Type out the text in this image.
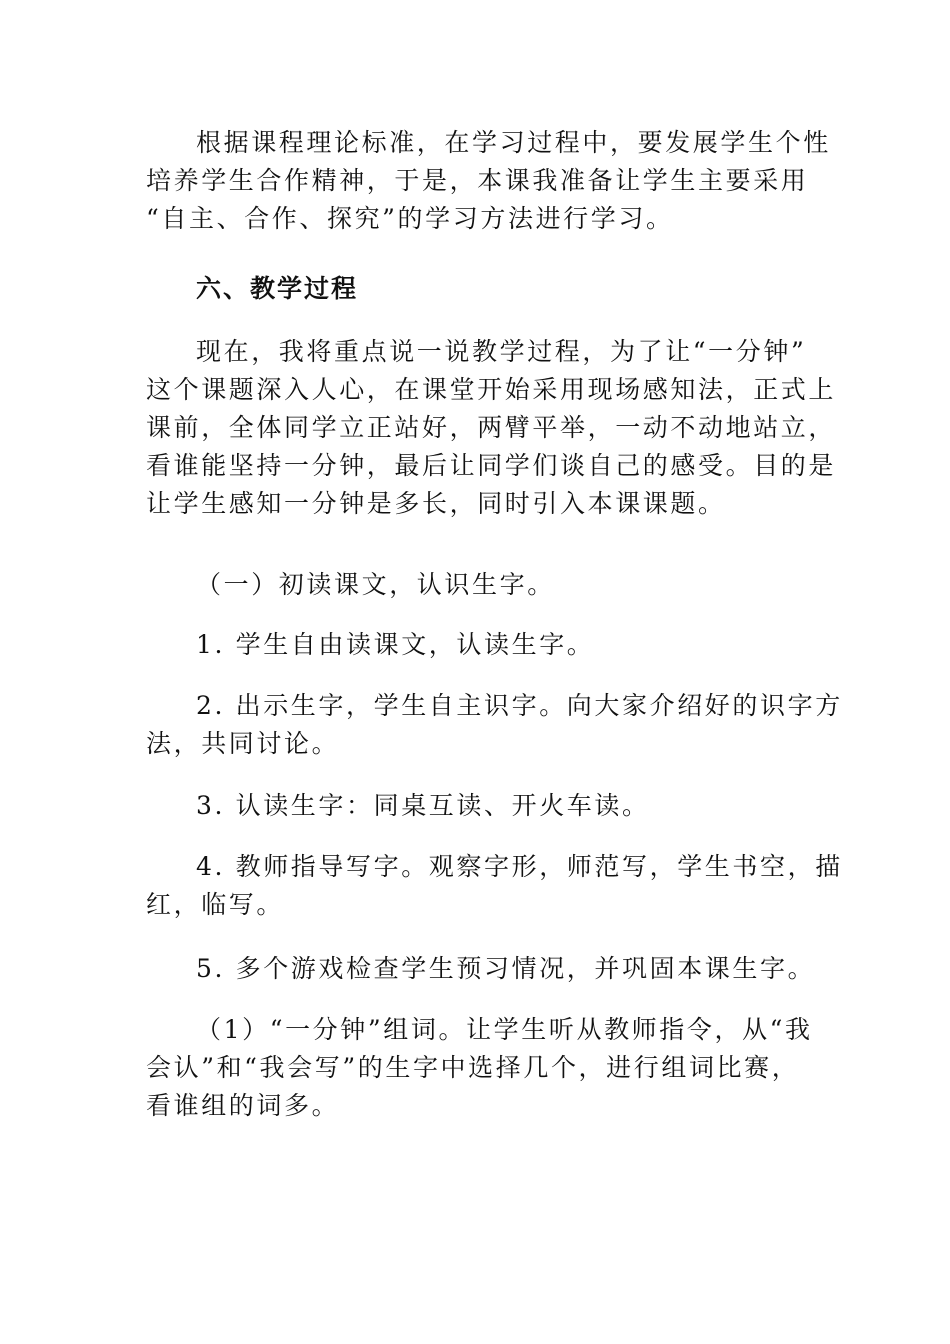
根据课程理论标准，在学习过程中，要发展学生个性
培养学生合作精神，于是，本课我准备让学生主要采用
“自主、合作、探究”的学习方法进行学习。
六、教学过程
现在，我将重点说一说教学过程，为了让“一分钟”
这个课题深入人心，在课堂开始采用现场感知法，正式上
课前，全体同学立正站好，两臂平举，一动不动地站立，
看谁能坚持一分钟，最后让同学们谈自己的感受。目的是
让学生感知一分钟是多长，同时引入本课课题。
（一）初读课文，认识生字。
1. 学生自由读课文，认读生字。
2. 出示生字，学生自主识字。向大家介绍好的识字方
法，共同讨论。
3. 认读生字：同桌互读、开火车读。
4. 教师指导写字。观察字形，师范写，学生书空，描
红，临写。
5. 多个游戏检查学生预习情况，并巩固本课生字。
（1）“一分钟”组词。让学生听从教师指令，从“我
会认”和“我会写”的生字中选择几个，进行组词比赛，
看谁组的词多。
